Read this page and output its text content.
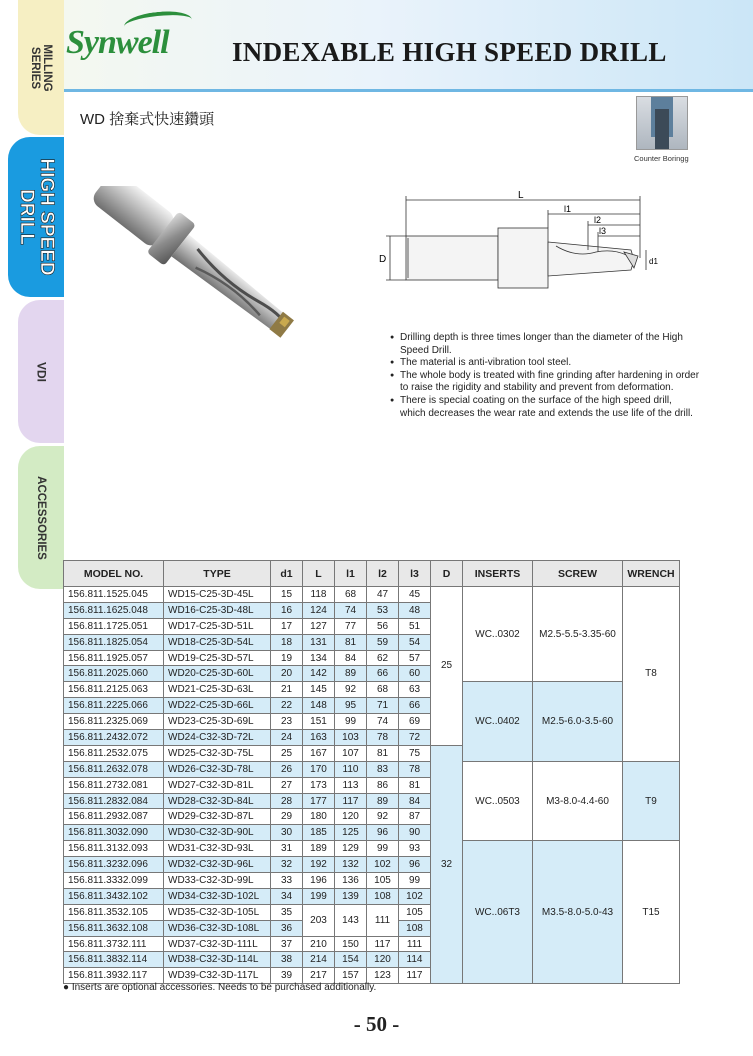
Synwell INDEXABLE HIGH SPEED DRILL
MILLING
SERIES
HIGH SPEED
DRILL
VDI
ACCESSORIES
WD 捨棄式快速鑽頭
Counter Boringg
L
l1
l2
l3
D	d1
● Drilling depth is three times longer than the diameter of the High Speed Drill.
● The material is anti-vibration tool steel.
● The whole body is treated with fine grinding after hardening in order to raise the rigidity and stability and prevent from deformation.
● There is special coating on the surface of the high speed drill, which decreases the wear rate and extends the use life of the drill.
MODEL NO.	TYPE	d1	L	l1	l2	l3	D	INSERTS	SCREW	WRENCH
156.811.1525.045	WD15-C25-3D-45L	15	118	68	47	45	25	WC..0302	M2.5-5.5-3.35-60	T8
156.811.1625.048	WD16-C25-3D-48L	16	124	74	53	48				
156.811.1725.051	WD17-C25-3D-51L	17	127	77	56	51				
156.811.1825.054	WD18-C25-3D-54L	18	131	81	59	54				
156.811.1925.057	WD19-C25-3D-57L	19	134	84	62	57				
156.811.2025.060	WD20-C25-3D-60L	20	142	89	66	60				
156.811.2125.063	WD21-C25-3D-63L	21	145	92	68	63		WC..0402	M2.5-6.0-3.5-60	
156.811.2225.066	WD22-C25-3D-66L	22	148	95	71	66				
156.811.2325.069	WD23-C25-3D-69L	23	151	99	74	69				
156.811.2432.072	WD24-C32-3D-72L	24	163	103	78	72				
156.811.2532.075	WD25-C32-3D-75L	25	167	107	81	75	32			
156.811.2632.078	WD26-C32-3D-78L	26	170	110	83	78		WC..0503	M3-8.0-4.4-60	T9
156.811.2732.081	WD27-C32-3D-81L	27	173	113	86	81				
156.811.2832.084	WD28-C32-3D-84L	28	177	117	89	84				
156.811.2932.087	WD29-C32-3D-87L	29	180	120	92	87				
156.811.3032.090	WD30-C32-3D-90L	30	185	125	96	90				
156.811.3132.093	WD31-C32-3D-93L	31	189	129	99	93		WC..06T3	M3.5-8.0-5.0-43	T15
156.811.3232.096	WD32-C32-3D-96L	32	192	132	102	96				
156.811.3332.099	WD33-C32-3D-99L	33	196	136	105	99				
156.811.3432.102	WD34-C32-3D-102L	34	199	139	108	102				
156.811.3532.105	WD35-C32-3D-105L	35	203	143	111	105				
156.811.3632.108	WD36-C32-3D-108L	36				108				
156.811.3732.111	WD37-C32-3D-111L	37	210	150	117	111				
156.811.3832.114	WD38-C32-3D-114L	38	214	154	120	114				
156.811.3932.117	WD39-C32-3D-117L	39	217	157	123	117				
● Inserts are optional accessories. Needs to be purchased additionally.
- 50 -
